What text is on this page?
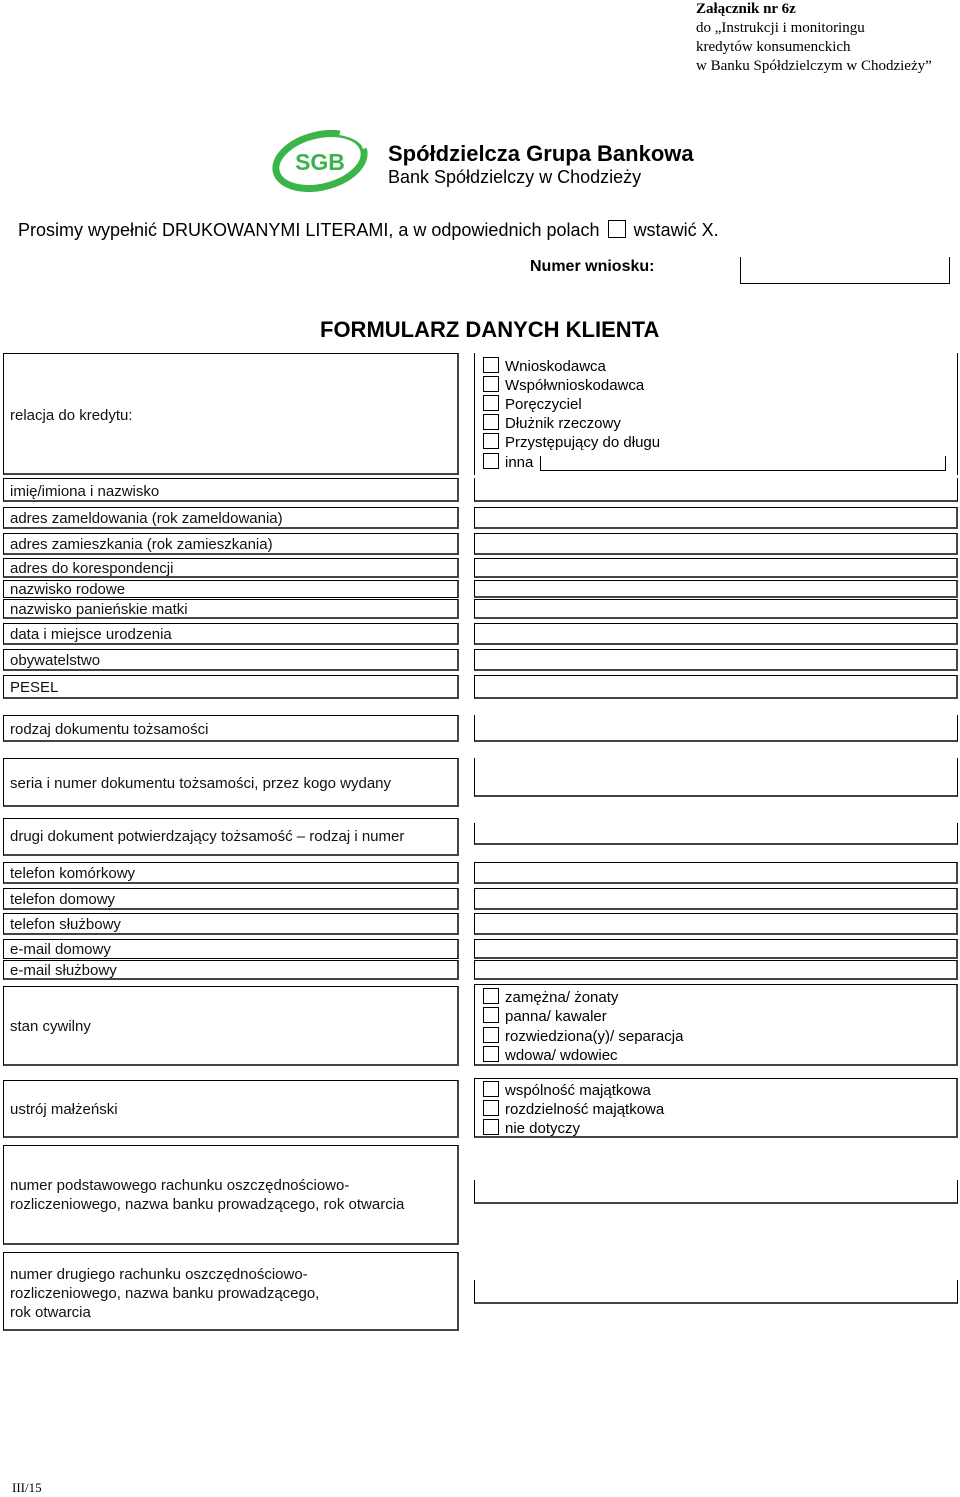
Załącznik nr 6z
do „Instrukcji i monitoringu
kredytów konsumenckich
w Banku Spółdzielczym w Chodzieży”
SGB Spółdzielcza Grupa Bankowa
Bank Spółdzielczy w Chodzieży
Prosimy wypełnić DRUKOWANYMI LITERAMI, a w odpowiednich polach wstawić X.
Numer wniosku:
FORMULARZ DANYCH KLIENTA
relacja do kredytu:
Wnioskodawca
Współwnioskodawca
Poręczyciel
Dłużnik rzeczowy
Przystępujący do długu
inna
imię/imiona i nazwisko
adres zameldowania (rok zameldowania)
adres zamieszkania (rok zamieszkania)
adres do korespondencji
nazwisko rodowe
nazwisko panieńskie matki
data i miejsce urodzenia
obywatelstwo
PESEL
rodzaj dokumentu tożsamości
seria i numer dokumentu tożsamości, przez kogo wydany
drugi dokument potwierdzający tożsamość – rodzaj i numer
telefon komórkowy
telefon domowy
telefon służbowy
e-mail domowy
e-mail służbowy
stan cywilny
zamężna/ żonaty
panna/ kawaler
rozwiedziona(y)/ separacja
wdowa/ wdowiec
ustrój małżeński
wspólność majątkowa
rozdzielność majątkowa
nie dotyczy
numer podstawowego rachunku oszczędnościowo-
rozliczeniowego, nazwa banku prowadzącego, rok otwarcia
numer drugiego rachunku oszczędnościowo-
rozliczeniowego, nazwa banku prowadzącego,
rok otwarcia
III/15
